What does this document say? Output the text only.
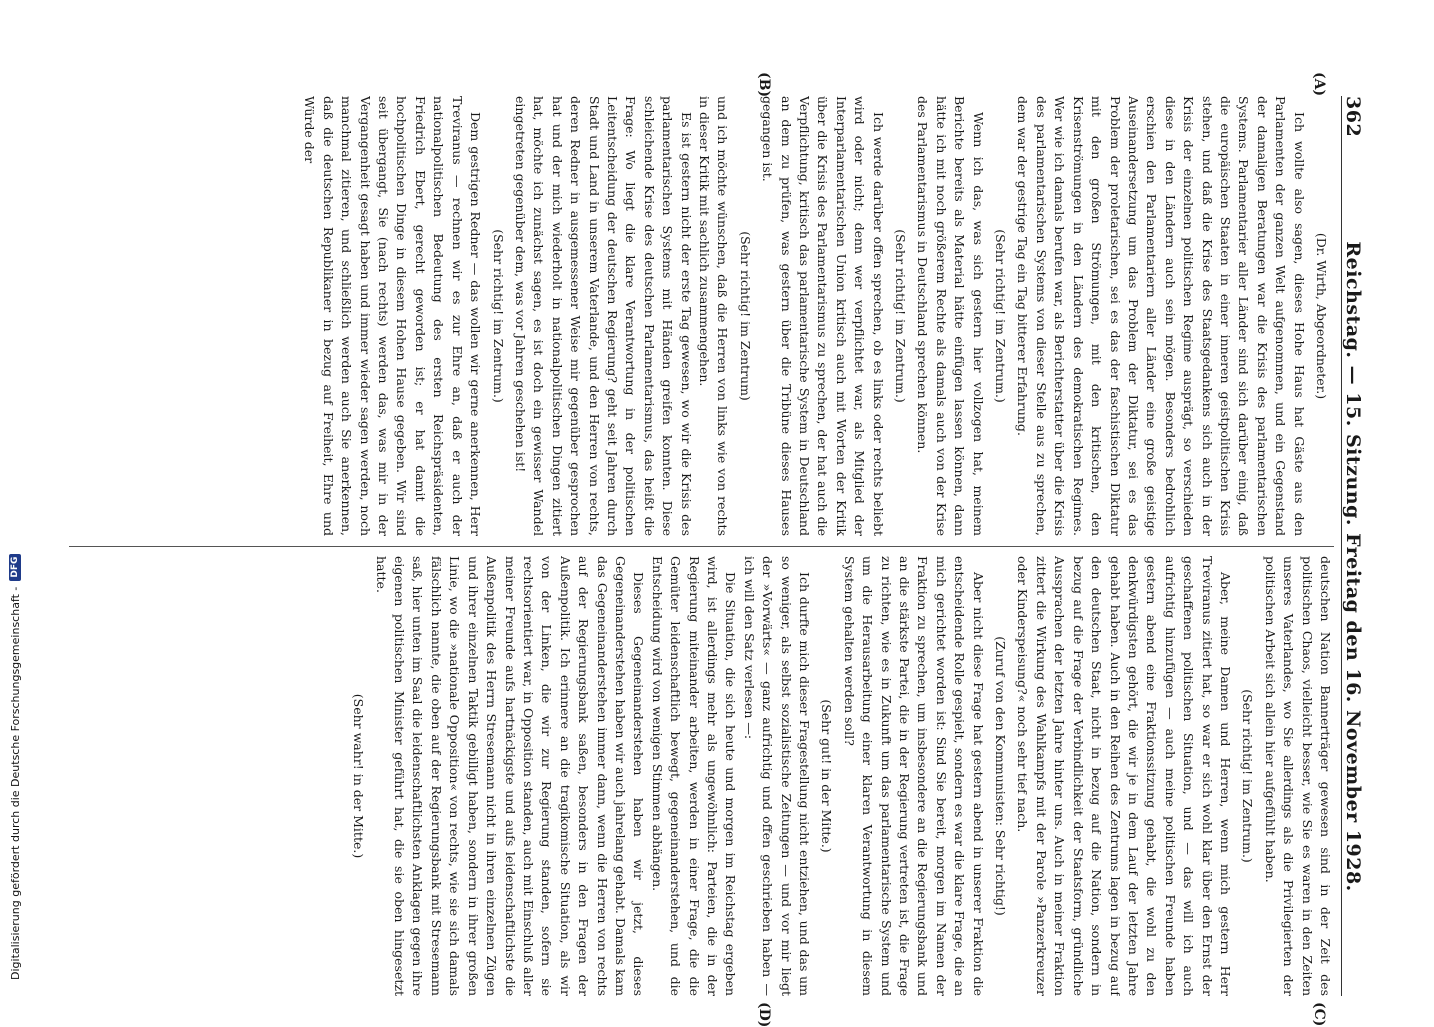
362
Reichstag. — 15. Sitzung. Freitag den 16. November 1928.
(A)
(B)
(C)
(D)

(Dr. Wirth, Abgeordneter.)

Ich wollte also sagen, dieses Hohe Haus hat Gäste aus den Parlamenten der ganzen Welt aufgenommen, und ein Gegenstand der damaligen Beratungen war die Krisis des parlamentarischen Systems. Parlamentarier aller Länder sind sich darüber einig, daß die europäischen Staaten in einer inneren geistpolitischen Krisis stehen, und daß die Krise des Staatsgedankens sich auch in der Krisis der einzelnen politischen Regime ausprägt, so verschieden diese in den Ländern auch sein mögen. Besonders bedrohlich erschien den Parlamentariern aller Länder eine große geistige Auseinandersetzung um das Problem der Diktatur, sei es das Problem der proletarischen, sei es das der faschistischen Diktatur mit den großen Strömungen, mit den kritischen, den Krisenströmungen in den Ländern des demokratischen Regimes. Wer wie ich damals berufen war, als Berichterstatter über die Krisis des parlamentarischen Systems von dieser Stelle aus zu sprechen, dem war der gestrige Tag ein Tag bitterer Erfahrung.

(Sehr richtig! im Zentrum.)

Wenn ich das, was sich gestern hier vollzogen hat, meinem Berichte bereits als Material hätte einfügen lassen können, dann hätte ich mit noch größerem Rechte als damals auch von der Krise des Parlamentarismus in Deutschland sprechen können.

(Sehr richtig! im Zentrum.)

Ich werde darüber offen sprechen, ob es links oder rechts beliebt wird oder nicht; denn wer verpflichtet war, als Mitglied der Interparlamentarischen Union kritisch auch mit Worten der Kritik über die Krisis des Parlamentarismus zu sprechen, der hat auch die Verpflichtung, kritisch das parlamentarische System in Deutschland an dem zu prüfen, was gestern über die Tribüne dieses Hauses gegangen ist.

(Sehr richtig! im Zentrum)

und ich möchte wünschen, daß die Herren von links wie von rechts in dieser Kritik mit sachlich zusammengehen.

Es ist gestern nicht der erste Tag gewesen, wo wir die Krisis des parlamentarischen Systems mit Händen greifen konnten. Diese schleichende Krise des deutschen Parlamentarismus, das heißt die Frage: Wo liegt die klare Verantwortung in der politischen Leitentscheidung der deutschen Regierung? geht seit Jahren durch Stadt und Land in unserem Vaterlande, und den Herren von rechts, deren Redner in ausgemessener Weise mir gegenüber gesprochen hat und der mich wiederholt in nationalpolitischen Dingen zitiert hat, möchte ich zunächst sagen, es ist doch ein gewisser Wandel eingetreten gegenüber dem, was vor Jahren geschehen ist!

(Sehr richtig! im Zentrum.)

Dem gestrigen Redner — das wollen wir gerne anerkennen, Herr Treviranus — rechnen wir es zur Ehre an, daß er auch der nationalpolitischen Bedeutung des ersten Reichspräsidenten, Friedrich Ebert, gerecht geworden ist; er hat damit die hochpolitischen Dinge in diesem Hohen Hause gegeben. Wir sind seit übergangt, Sie (nach rechts) werden das, was mir in der Vergangenheit gesagt haben und immer wieder sagen werden, noch manchmal zitieren, und schließlich werden auch Sie anerkennen, daß die deutschen Republikaner in bezug auf Freiheit, Ehre und Würde der

deutschen Nation Bannerträger gewesen sind in der Zeit des politischen Chaos, vielleicht besser, wie Sie es waren in den Zeiten unseres Vaterlandes, wo Sie allerdings als die Privilegierten der politischen Arbeit sich allein hier aufgefühlt haben.

(Sehr richtig! im Zentrum.)

Aber, meine Damen und Herren, wenn mich gestern Herr Treviranus zitiert hat, so war er sich wohl klar über den Ernst der geschaffenen politischen Situation, und — das will ich auch aufrichtig hinzufügen — auch meine politischen Freunde haben gestern abend eine Fraktionssitzung gehabt, die wohl zu den denkwürdigsten gehört, die wir je in dem Lauf der letzten Jahre gehabt haben. Auch in den Reihen des Zentrums lagen in bezug auf den deutschen Staat, nicht in bezug auf die Nation, sondern in bezug auf die Frage der Verbindlichkeit der Staatsform, gründliche Aussprachen der letzten Jahre hinter uns. Auch in meiner Fraktion zittert die Wirkung des Wahlkampfs mit der Parole »Panzerkreuzer oder Kinderspeisung?« noch sehr tief nach.

(Zuruf von den Kommunisten: Sehr richtig!)

Aber nicht diese Frage hat gestern abend in unserer Fraktion die entscheidende Rolle gespielt, sondern es war die klare Frage, die an mich gerichtet worden ist: Sind Sie bereit, morgen im Namen der Fraktion zu sprechen, um insbesondere an die Regierungsbank und an die stärkste Partei, die in der Regierung vertreten ist, die Frage zu richten, wie es in Zukunft um das parlamentarische System und um die Herausarbeitung einer klaren Verantwortung in diesem System gehalten werden soll?

(Sehr gut! in der Mitte.)

Ich durfte mich dieser Fragestellung nicht entziehen, und das um so weniger, als selbst sozialistische Zeitungen — und vor mir liegt der »Vorwärts« — ganz aufrichtig und offen geschrieben haben — ich will den Satz verlesen —:

Die Situation, die sich heute und morgen im Reichstag ergeben wird, ist allerdings mehr als ungewöhnlich: Parteien, die in der Regierung miteinander arbeiten, werden in einer Frage, die die Gemüter leidenschaftlich bewegt, gegeneinanderstehen, und die Entscheidung wird von wenigen Stimmen abhängen.

Dieses Gegeneinanderstehen haben wir jetzt, dieses Gegeneinanderstehen haben wir auch jahrelang gehabt. Damals kam das Gegeneinanderstehen immer dann, wenn die Herren von rechts auf der Regierungsbank saßen, besonders in den Fragen der Außenpolitik. Ich erinnere an die tragikomische Situation, als wir von der Linken, die wir zur Regierung standen, sofern sie rechtsorientiert war, in Opposition standen, auch mit Einschluß aller meiner Freunde aufs hartnäckigste und aufs leidenschaftlichste die Außenpolitik des Herrn Stresemann nicht in ihren einzelnen Zügen und ihrer einzelnen Taktik gebilligt haben, sondern in ihrer großen Linie, wo die »nationale Opposition« von rechts, wie sie sich damals fälschlich nannte, die oben auf der Regierungsbank mit Stresemann saß, hier unten im Saal die leidenschaftlichsten Anklagen gegen ihre eigenen politischen Minister geführt hat, die sie oben hingesetzt hatte.

(Sehr wahr! in der Mitte.)

Digitalisierung gefördert durch die Deutsche Forschungsgemeinschaft -
DFG
